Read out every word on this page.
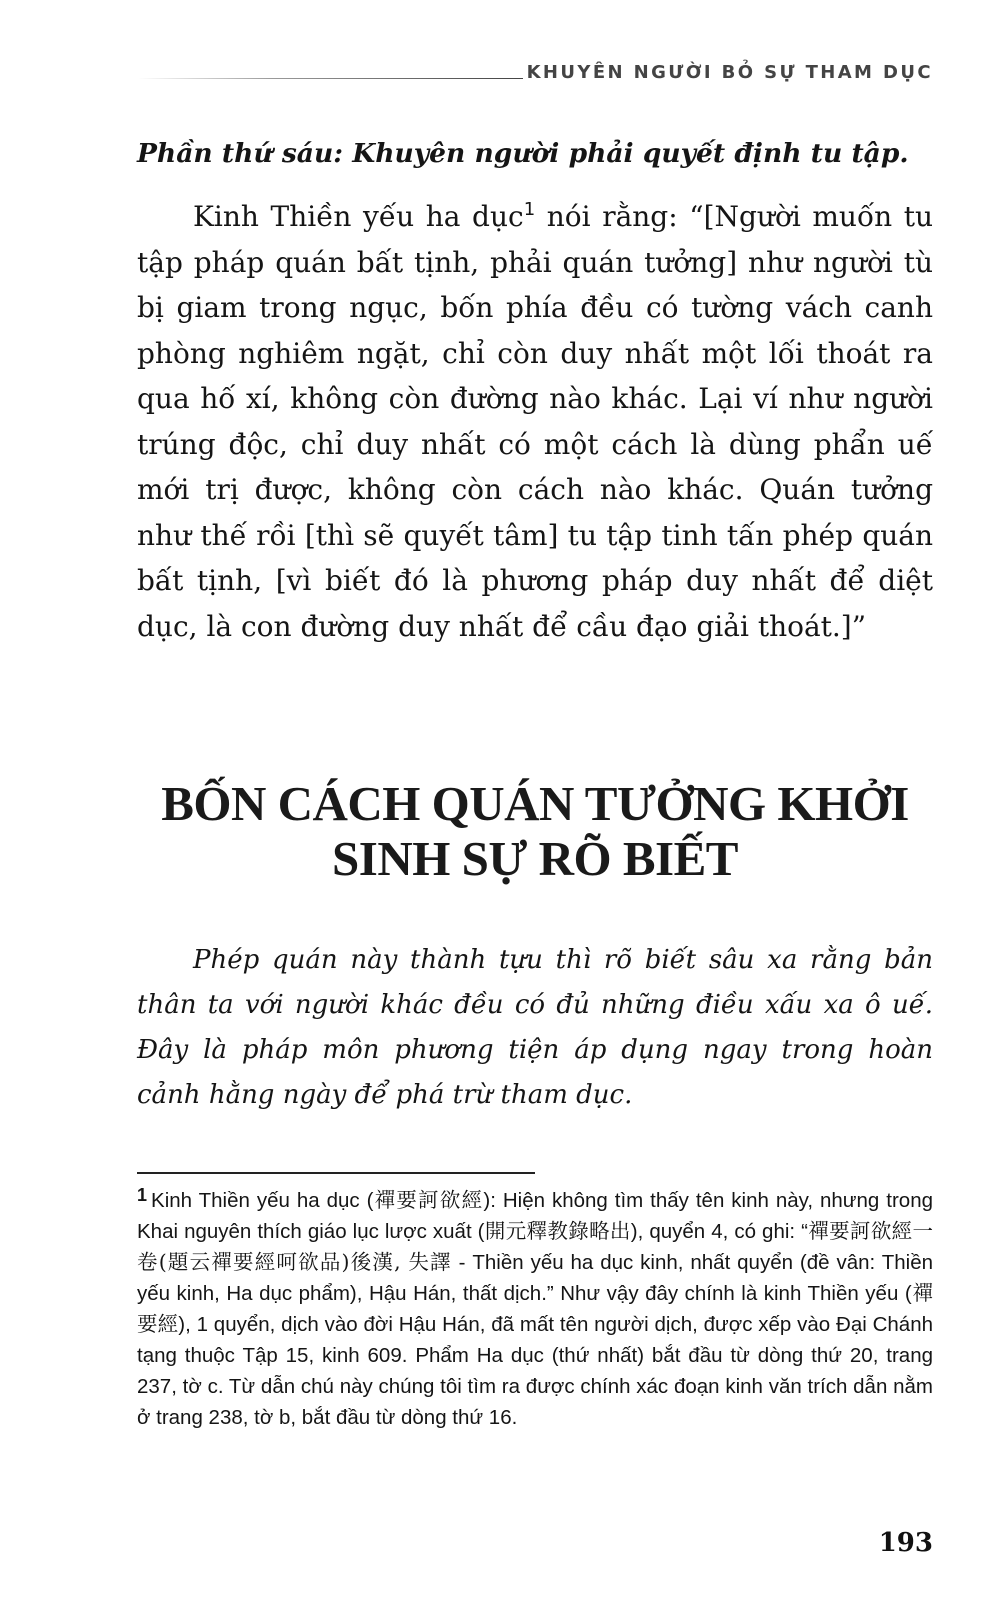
KHUYÊN NGƯỜI BỎ SỰ THAM DỤC
Phần thứ sáu: Khuyên người phải quyết định tu tập.

Kinh Thiền yếu ha dục$^1$ nói rằng: “[Người muốn tu tập pháp quán bất tịnh, phải quán tưởng] như người tù bị giam trong ngục, bốn phía đều có tường vách canh phòng nghiêm ngặt, chỉ còn duy nhất một lối thoát ra qua hố xí, không còn đường nào khác. Lại ví như người trúng độc, chỉ duy nhất có một cách là dùng phẩn uế mới trị được, không còn cách nào khác. Quán tưởng như thế rồi [thì sẽ quyết tâm] tu tập tinh tấn phép quán bất tịnh, [vì biết đó là phương pháp duy nhất để diệt dục, là con đường duy nhất để cầu đạo giải thoát.]”

BỐN CÁCH QUÁN TƯỞNG KHỞI
SINH SỰ RÕ BIẾT

Phép quán này thành tựu thì rõ biết sâu xa rằng bản thân ta với người khác đều có đủ những điều xấu xa ô uế. Đây là pháp môn phương tiện áp dụng ngay trong hoàn cảnh hằng ngày để phá trừ tham dục.

1 Kinh Thiền yếu ha dục (禪要訶欲經): Hiện không tìm thấy tên kinh này, nhưng trong Khai nguyên thích giáo lục lược xuất (開元釋教錄略出), quyển 4, có ghi: “禪要訶欲經一卷(題云禪要經呵欲品)後漢, 失譯 - Thiền yếu ha dục kinh, nhất quyển (đề vân: Thiền yếu kinh, Ha dục phẩm), Hậu Hán, thất dịch.” Như vậy đây chính là kinh Thiền yếu (禪要經), 1 quyển, dịch vào đời Hậu Hán, đã mất tên người dịch, được xếp vào Đại Chánh tạng thuộc Tập 15, kinh 609. Phẩm Ha dục (thứ nhất) bắt đầu từ dòng thứ 20, trang 237, tờ c. Từ dẫn chú này chúng tôi tìm ra được chính xác đoạn kinh văn trích dẫn nằm ở trang 238, tờ b, bắt đầu từ dòng thứ 16.

193
